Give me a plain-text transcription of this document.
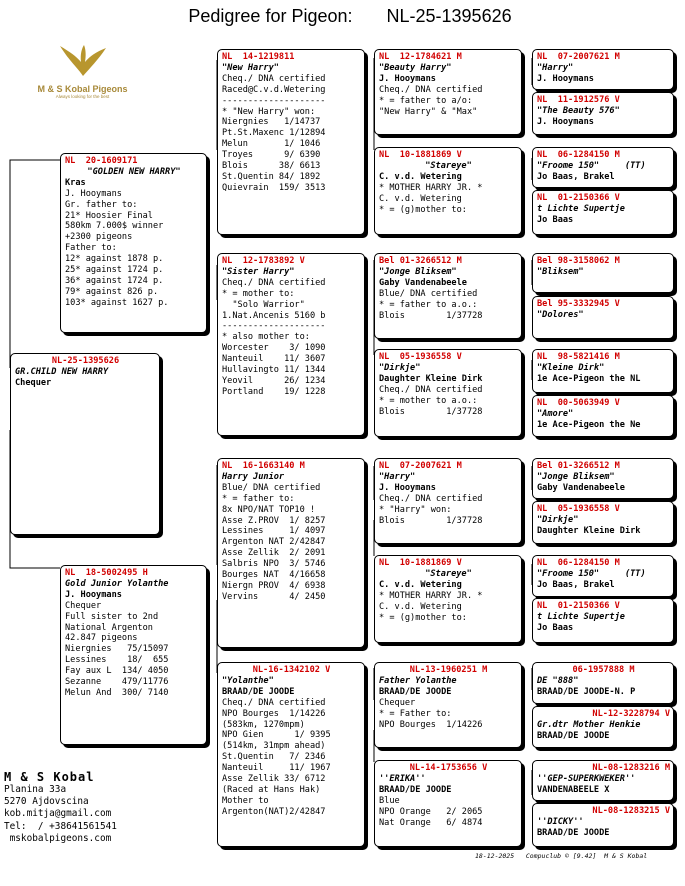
Pedigree for Pigeon: NL-25-1395626
M & S Kobal Pigeons
Always looking for the best
NL-25-1395626
GR.CHILD NEW HARRY
Chequer
NL  20-1609171
"GOLDEN NEW HARRY"
Kras
J. Hooymans
Gr. father to:
21* Hoosier Final
580km 7.000$ winner
+2300 pigeons
Father to:
12* against 1878 p.
25* against 1724 p.
36* against 1724 p.
79* against 826 p.
103* against 1627 p.
NL  18-5002495 H
Gold Junior Yolanthe
J. Hooymans
Chequer
Full sister to 2nd
National Argenton
42.847 pigeons
Niergnies   75/15097
Lessines    18/  655
Fay aux L  134/ 4050
Sezanne    479/11776
Melun And  300/ 7140
NL  14-1219811
"New Harry"
Cheq./ DNA certified
Raced@C.v.d.Wetering
--------------------
* "New Harry" won:
Niergnies   1/14737
Pt.St.Maxenc 1/12894
Melun       1/ 1046
Troyes      9/ 6390
Blois      38/ 6613
St.Quentin 84/ 1892
Quievrain  159/ 3513
NL  12-1783892 V
"Sister Harry"
Cheq./ DNA certified
* = mother to:
"Solo Warrior"
1.Nat.Ancenis 5160 b
--------------------
* also mother to:
Worcester    3/ 1090
Nanteuil    11/ 3607
Hullavingto 11/ 1344
Yeovil      26/ 1234
Portland    19/ 1228
NL  16-1663140 M
Harry Junior
Blue/ DNA certified
* = father to:
8x NPO/NAT TOP10 !
Asse Z.PROV  1/ 8257
Lessines     1/ 4097
Argenton NAT 2/42847
Asse Zellik  2/ 2091
Salbris NPO  3/ 5746
Bourges NAT  4/16658
Niergn PROV  4/ 6938
Vervins      4/ 2450
NL-16-1342102 V
"Yolanthe"
BRAAD/DE JOODE
Cheq./ DNA certified
NPO Bourges  1/14226
(583km, 1270mpm)
NPO Gien      1/ 9395
(514km, 31mpm ahead)
St.Quentin   7/ 2346
Nanteuil     11/ 1967
Asse Zellik 33/ 6712
(Raced at Hans Hak)
Mother to
Argenton(NAT)2/42847
NL  12-1784621 M
"Beauty Harry"
J. Hooymans
Cheq./ DNA certified
* = father to a/o:
"New Harry" & "Max"
NL  10-1881869 V
"Stareye"
C. v.d. Wetering
* MOTHER HARRY JR. *
C. v.d. Wetering
* = (g)mother to:
Bel 01-3266512 M
"Jonge Bliksem"
Gaby Vandenabeele
Blue/ DNA certified
* = father to a.o.:
Blois        1/37728
NL  05-1936558 V
"Dirkje"
Daughter Kleine Dirk
Cheq./ DNA certified
* = mother to a.o.:
Blois        1/37728
NL  07-2007621 M
"Harry"
J. Hooymans
Cheq./ DNA certified
* "Harry" won:
Blois        1/37728
NL  10-1881869 V
"Stareye"
C. v.d. Wetering
* MOTHER HARRY JR. *
C. v.d. Wetering
* = (g)mother to:
NL-13-1960251 M
Father Yolanthe
BRAAD/DE JOODE
Chequer
* = Father to:
NPO Bourges  1/14226
NL-14-1753656 V
''ERIKA''
BRAAD/DE JOODE
Blue
NPO Orange   2/ 2065
Nat Orange   6/ 4874
NL  07-2007621 M
"Harry"
J. Hooymans
NL  11-1912576 V
"The Beauty 576"
J. Hooymans
NL  06-1284150 M
"Froome 150"     (TT)
Jo Baas, Brakel
NL  01-2150366 V
t Lichte Supertje
Jo Baas
Bel 98-3158062 M
"Bliksem"
Bel 95-3332945 V
"Dolores"
NL  98-5821416 M
"Kleine Dirk"
1e Ace-Pigeon the NL
NL  00-5063949 V
"Amore"
1e Ace-Pigeon the Ne
Bel 01-3266512 M
"Jonge Bliksem"
Gaby Vandenabeele
NL  05-1936558 V
"Dirkje"
Daughter Kleine Dirk
NL  06-1284150 M
"Froome 150"     (TT)
Jo Baas, Brakel
NL  01-2150366 V
t Lichte Supertje
Jo Baas
06-1957888 M
DE "888"
BRAAD/DE JOODE-N. P
NL-12-3228794 V
Gr.dtr Mother Henkie
BRAAD/DE JOODE
NL-08-1283216 M
''GEP-SUPERKWEKER''
VANDENABEELE X
NL-08-1283215 V
''DICKY''
BRAAD/DE JOODE
M & S Kobal
Planina 33a
5270 Ajdovscina
kob.mitja@gmail.com
Tel:  / +38641561541
mskobalpigeons.com
18-12-2025   Compuclub © [9.42]  M & S Kobal
